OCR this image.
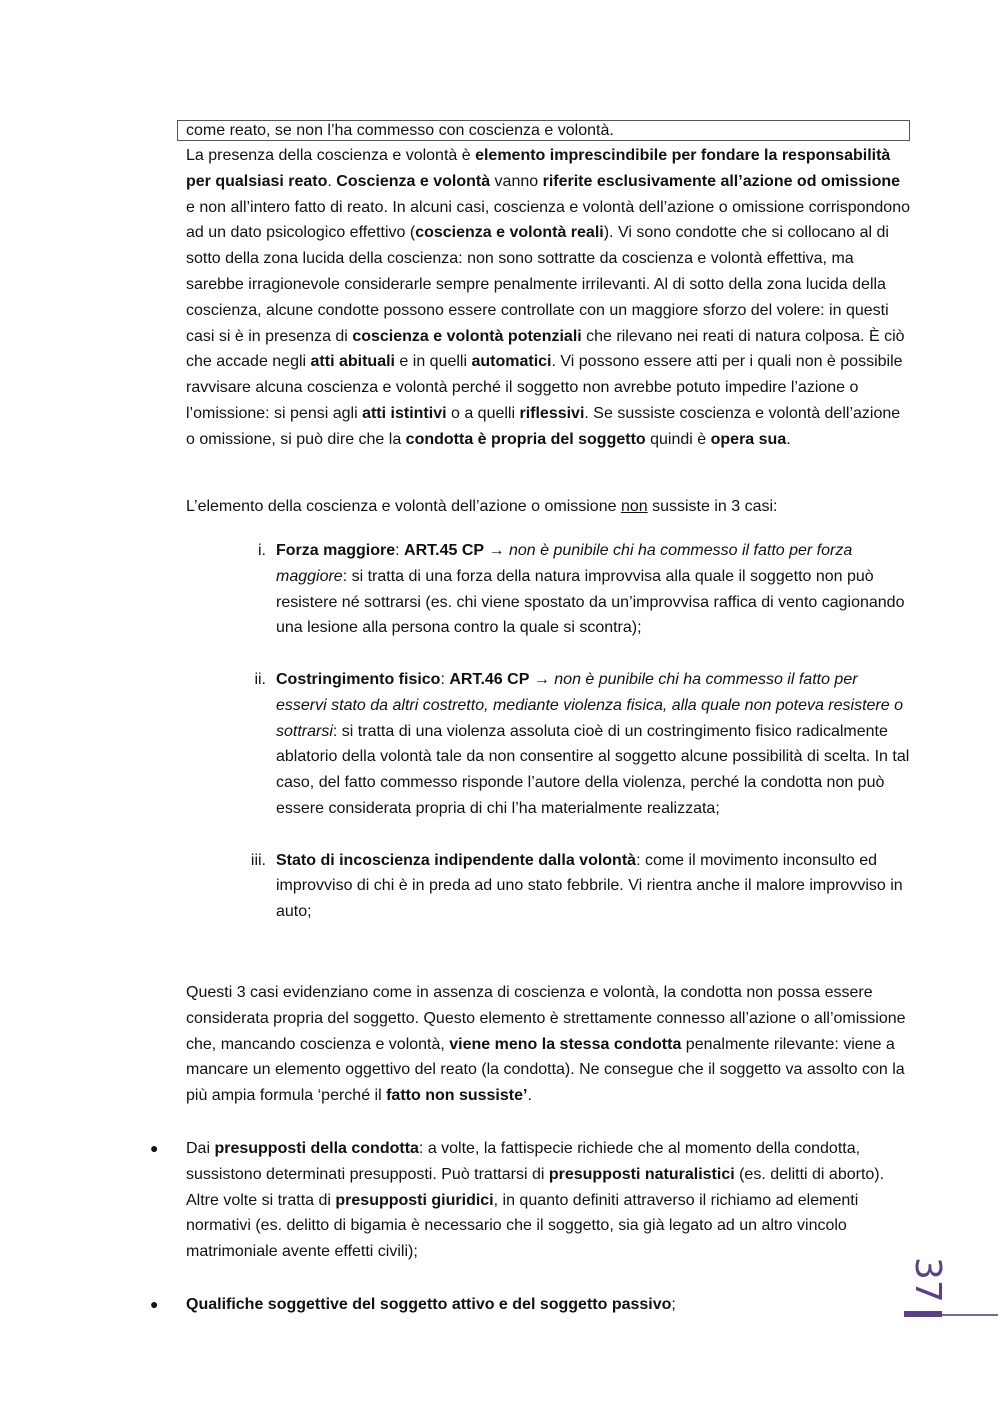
come reato, se non l’ha commesso con coscienza e volontà.

La presenza della coscienza e volontà è elemento imprescindibile per fondare la responsabilità per qualsiasi reato. Coscienza e volontà vanno riferite esclusivamente all’azione od omissione e non all’intero fatto di reato. In alcuni casi, coscienza e volontà dell’azione o omissione corrispondono ad un dato psicologico effettivo (coscienza e volontà reali). Vi sono condotte che si collocano al di sotto della zona lucida della coscienza: non sono sottratte da coscienza e volontà effettiva, ma sarebbe irragionevole considerarle sempre penalmente irrilevanti. Al di sotto della zona lucida della coscienza, alcune condotte possono essere controllate con un maggiore sforzo del volere: in questi casi si è in presenza di coscienza e volontà potenziali che rilevano nei reati di natura colposa. È ciò che accade negli atti abituali e in quelli automatici. Vi possono essere atti per i quali non è possibile ravvisare alcuna coscienza e volontà perché il soggetto non avrebbe potuto impedire l’azione o l’omissione: si pensi agli atti istintivi o a quelli riflessivi. Se sussiste coscienza e volontà dell’azione o omissione, si può dire che la condotta è propria del soggetto quindi è opera sua.

L’elemento della coscienza e volontà dell’azione o omissione non sussiste in 3 casi:

i. Forza maggiore: ART.45 CP → non è punibile chi ha commesso il fatto per forza maggiore: si tratta di una forza della natura improvvisa alla quale il soggetto non può resistere né sottrarsi (es. chi viene spostato da un’improvvisa raffica di vento cagionando una lesione alla persona contro la quale si scontra);
ii. Costringimento fisico: ART.46 CP → non è punibile chi ha commesso il fatto per esservi stato da altri costretto, mediante violenza fisica, alla quale non poteva resistere o sottrarsi: si tratta di una violenza assoluta cioè di un costringimento fisico radicalmente ablatorio della volontà tale da non consentire al soggetto alcune possibilità di scelta. In tal caso, del fatto commesso risponde l’autore della violenza, perché la condotta non può essere considerata propria di chi l’ha materialmente realizzata;
iii. Stato di incoscienza indipendente dalla volontà: come il movimento inconsulto ed improvviso di chi è in preda ad uno stato febbrile. Vi rientra anche il malore improvviso in auto;

Questi 3 casi evidenziano come in assenza di coscienza e volontà, la condotta non possa essere considerata propria del soggetto. Questo elemento è strettamente connesso all’azione o all’omissione che, mancando coscienza e volontà, viene meno la stessa condotta penalmente rilevante: viene a mancare un elemento oggettivo del reato (la condotta). Ne consegue che il soggetto va assolto con la più ampia formula ‘perché il fatto non sussiste’.

●	Dai presupposti della condotta: a volte, la fattispecie richiede che al momento della condotta, sussistono determinati presupposti. Può trattarsi di presupposti naturalistici (es. delitti di aborto). Altre volte si tratta di presupposti giuridici, in quanto definiti attraverso il richiamo ad elementi normativi (es. delitto di bigamia è necessario che il soggetto, sia già legato ad un altro vincolo matrimoniale avente effetti civili);
●	Qualifiche soggettive del soggetto attivo e del soggetto passivo;
37
